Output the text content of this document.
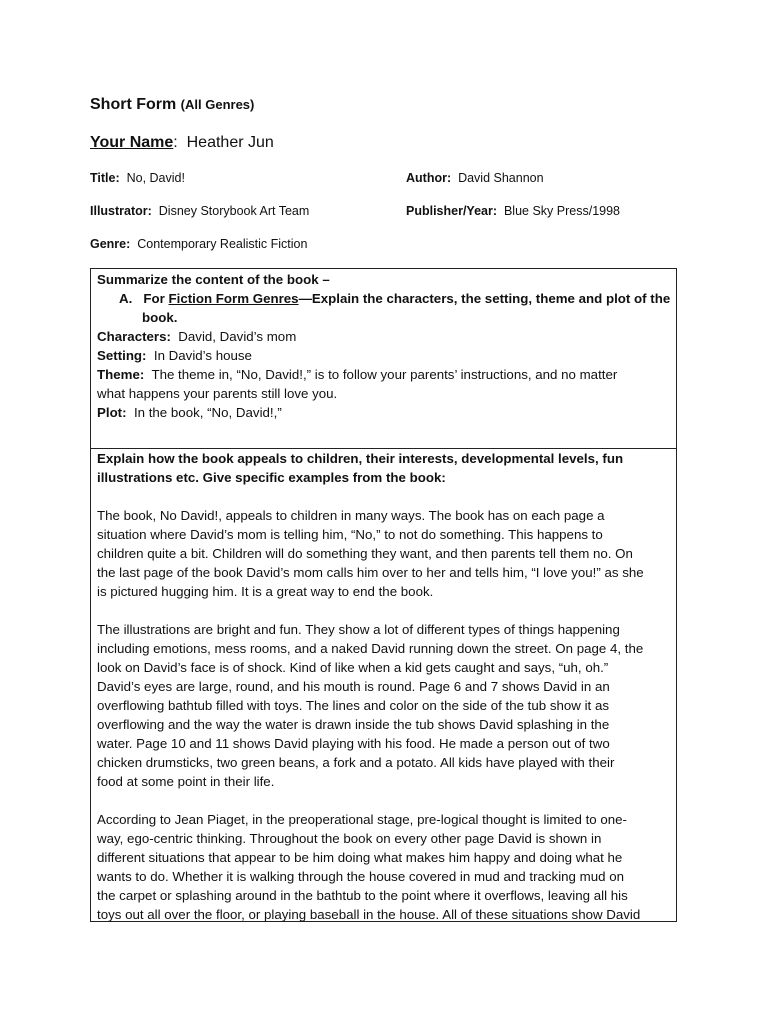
Short Form (All Genres)
Your Name:  Heather Jun
Title: No, David!	Author: David Shannon
Illustrator: Disney Storybook Art Team	Publisher/Year: Blue Sky Press/1998
Genre: Contemporary Realistic Fiction
Summarize the content of the book –
A. For Fiction Form Genres—Explain the characters, the setting, theme and plot of the
book.
Characters: David, David’s mom
Setting: In David’s house
Theme: The theme in, “No, David!,” is to follow your parents’ instructions, and no matter
what happens your parents still love you.
Plot: In the book, “No, David!,”
Explain how the book appeals to children, their interests, developmental levels, fun
illustrations etc. Give specific examples from the book:
The book, No David!, appeals to children in many ways. The book has on each page a
situation where David’s mom is telling him, “No,” to not do something. This happens to
children quite a bit. Children will do something they want, and then parents tell them no. On
the last page of the book David’s mom calls him over to her and tells him, “I love you!” as she
is pictured hugging him. It is a great way to end the book.
The illustrations are bright and fun. They show a lot of different types of things happening
including emotions, mess rooms, and a naked David running down the street. On page 4, the
look on David’s face is of shock. Kind of like when a kid gets caught and says, “uh, oh.”
David’s eyes are large, round, and his mouth is round. Page 6 and 7 shows David in an
overflowing bathtub filled with toys. The lines and color on the side of the tub show it as
overflowing and the way the water is drawn inside the tub shows David splashing in the
water. Page 10 and 11 shows David playing with his food. He made a person out of two
chicken drumsticks, two green beans, a fork and a potato. All kids have played with their
food at some point in their life.
According to Jean Piaget, in the preoperational stage, pre-logical thought is limited to one-
way, ego-centric thinking. Throughout the book on every other page David is shown in
different situations that appear to be him doing what makes him happy and doing what he
wants to do. Whether it is walking through the house covered in mud and tracking mud on
the carpet or splashing around in the bathtub to the point where it overflows, leaving all his
toys out all over the floor, or playing baseball in the house. All of these situations show David
